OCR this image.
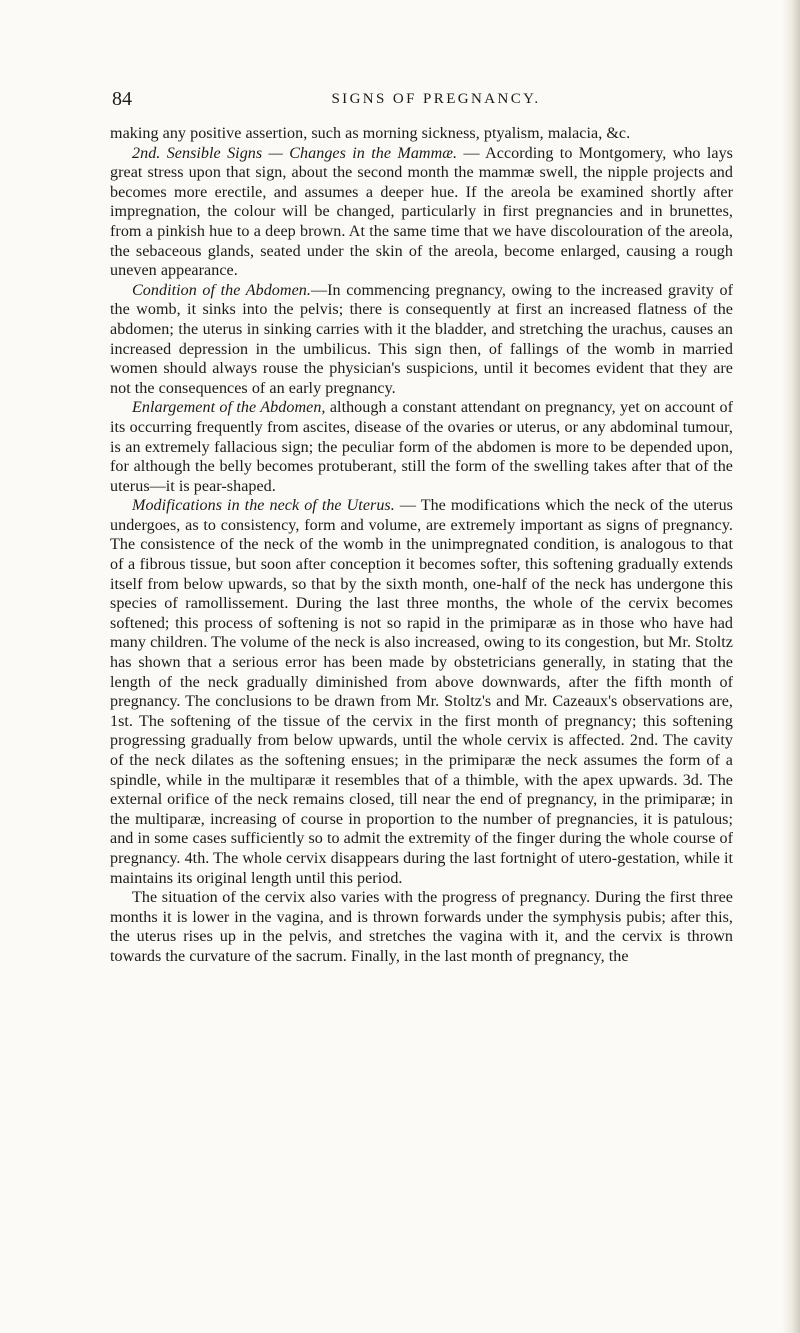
84	SIGNS OF PREGNANCY.

making any positive assertion, such as morning sickness, ptyalism, malacia, &c.

2nd. Sensible Signs — Changes in the Mammæ. — According to Montgomery, who lays great stress upon that sign, about the second month the mammæ swell, the nipple projects and becomes more erectile, and assumes a deeper hue. If the areola be examined shortly after impregnation, the colour will be changed, particularly in first pregnancies and in brunettes, from a pinkish hue to a deep brown. At the same time that we have discolouration of the areola, the sebaceous glands, seated under the skin of the areola, become enlarged, causing a rough uneven appearance.

Condition of the Abdomen.—In commencing pregnancy, owing to the increased gravity of the womb, it sinks into the pelvis; there is consequently at first an increased flatness of the abdomen; the uterus in sinking carries with it the bladder, and stretching the urachus, causes an increased depression in the umbilicus. This sign then, of fallings of the womb in married women should always rouse the physician's suspicions, until it becomes evident that they are not the consequences of an early pregnancy.

Enlargement of the Abdomen, although a constant attendant on pregnancy, yet on account of its occurring frequently from ascites, disease of the ovaries or uterus, or any abdominal tumour, is an extremely fallacious sign; the peculiar form of the abdomen is more to be depended upon, for although the belly becomes protuberant, still the form of the swelling takes after that of the uterus—it is pear-shaped.

Modifications in the neck of the Uterus. — The modifications which the neck of the uterus undergoes, as to consistency, form and volume, are extremely important as signs of pregnancy. The consistence of the neck of the womb in the unimpregnated condition, is analogous to that of a fibrous tissue, but soon after conception it becomes softer, this softening gradually extends itself from below upwards, so that by the sixth month, one-half of the neck has undergone this species of ramollissement. During the last three months, the whole of the cervix becomes softened; this process of softening is not so rapid in the primiparæ as in those who have had many children. The volume of the neck is also increased, owing to its congestion, but Mr. Stoltz has shown that a serious error has been made by obstetricians generally, in stating that the length of the neck gradually diminished from above downwards, after the fifth month of pregnancy. The conclusions to be drawn from Mr. Stoltz's and Mr. Cazeaux's observations are, 1st. The softening of the tissue of the cervix in the first month of pregnancy; this softening progressing gradually from below upwards, until the whole cervix is affected. 2nd. The cavity of the neck dilates as the softening ensues; in the primiparæ the neck assumes the form of a spindle, while in the multiparæ it resembles that of a thimble, with the apex upwards. 3d. The external orifice of the neck remains closed, till near the end of pregnancy, in the primiparæ; in the multiparæ, increasing of course in proportion to the number of pregnancies, it is patulous; and in some cases sufficiently so to admit the extremity of the finger during the whole course of pregnancy. 4th. The whole cervix disappears during the last fortnight of utero-gestation, while it maintains its original length until this period.

The situation of the cervix also varies with the progress of pregnancy. During the first three months it is lower in the vagina, and is thrown forwards under the symphysis pubis; after this, the uterus rises up in the pelvis, and stretches the vagina with it, and the cervix is thrown towards the curvature of the sacrum. Finally, in the last month of pregnancy, the
